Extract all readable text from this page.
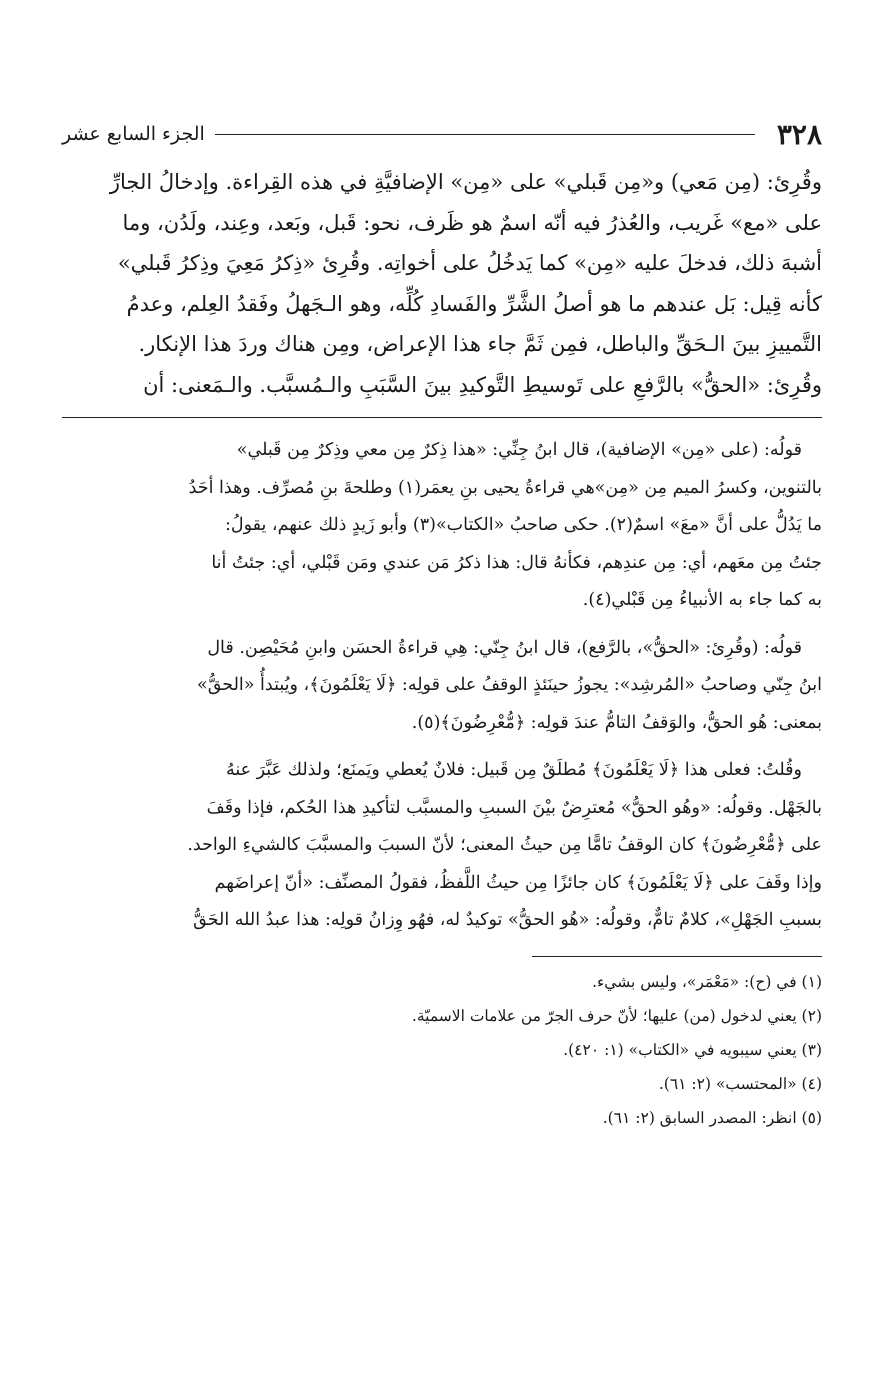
٣٢٨
الجزء السابع عشر

وقُرِئ: (مِن مَعي) و«مِن قَبلي» على «مِن» الإضافيَّةِ في هذه القِراءة. وإدخالُ الجارِّ

على «مع» غَريب، والعُذرُ فيه أنّه اسمٌ هو ظَرف، نحو: قَبل، وبَعد، وعِند، ولَدُن، وما

أشبهَ ذلك، فدخلَ عليه «مِن» كما يَدخُلُ على أخواتِه. وقُرِئ «ذِكرُ مَعِيَ وذِكرُ قَبلي»

كأنه قِيل: بَل عندهم ما هو أصلُ الشَّرِّ والفَسادِ كُلِّه، وهو الـجَهلُ وفَقدُ العِلم، وعدمُ

التَّمييزِ بينَ الـحَقِّ والباطل، فمِن ثَمَّ جاء هذا الإعراض، ومِن هناك وردَ هذا الإنكار.

وقُرِئ: «الحقُّ» بالرَّفعِ على تَوسيطِ التَّوكيدِ بينَ السَّبَبِ والـمُسبَّب. والـمَعنى: أن

قولُه: (على «مِن» الإضافية)، قال ابنُ جِنِّي: «هذا ذِكرٌ مِن معي وذِكرٌ مِن قَبلي»

بالتنوين، وكسرُ الميم مِن «مِن»هي قراءةُ يحيى بنِ يعمَر(١) وطلحةَ بنِ مُصرِّف. وهذا أحَدُ

ما يَدُلُّ على أنَّ «معَ» اسمٌ(٢). حكى صاحبُ «الكتاب»(٣) وأبو زَيدٍ ذلك عنهم، يقولُ:

جئتُ مِن معَهم، أي: مِن عندِهم، فكأنهُ قال: هذا ذكرُ مَن عندي ومَن قَبْلي، أي: جئتُ أنا

به كما جاء به الأنبياءُ مِن قَبْلي(٤).

قولُه: (وقُرِئ: «الحقُّ»، بالرَّفع)، قال ابنُ جِنّي: هِي قراءةُ الحسَن وابنِ مُحَيْصِن. قال

ابنُ جِنّي وصاحبُ «المُرشِد»: يجوزُ حينَئذٍ الوقفُ على قولِه: ﴿لَا يَعْلَمُونَ﴾، ويُبتدأُ «الحقُّ»

بمعنى: هُو الحقُّ، والوَقفُ التامُّ عندَ قولِه: ﴿مُّعْرِضُونَ﴾(٥).

وقُلتُ: فعلى هذا ﴿لَا يَعْلَمُونَ﴾ مُطلَقٌ مِن قَبيل: فلانٌ يُعطي ويَمنَع؛ ولذلك عَبَّرَ عنهُ

بالجَهْل. وقولُه: «وهُو الحقُّ» مُعترِضٌ بيْنَ السببِ والمسبَّب لتأكيدِ هذا الحُكم، فإذا وقَفَ

على ﴿مُّعْرِضُونَ﴾ كان الوقفُ تامًّا مِن حيثُ المعنى؛ لأنّ السببَ والمسبَّبَ كالشيءِ الواحد.

وإذا وقَفَ على ﴿لَا يَعْلَمُونَ﴾ كان جائزًا مِن حيثُ اللَّفظُ، فقولُ المصنِّف: «أنّ إعراضَهم

بسببِ الجَهْلِ»، كلامٌ تامٌّ، وقولُه: «هُو الحقُّ» توكيدٌ له، فهُو وِزانُ قولِه: هذا عبدُ الله الحَقُّ

(١) في (ح): «مَعْمَر»، وليس بشيء.

(٢) يعني لدخول (من) عليها؛ لأنّ حرف الجرّ من علامات الاسميّة.

(٣) يعني سيبويه في «الكتاب» (١: ٤٢٠).

(٤) «المحتسب» (٢: ٦١).

(٥) انظر: المصدر السابق (٢: ٦١).
